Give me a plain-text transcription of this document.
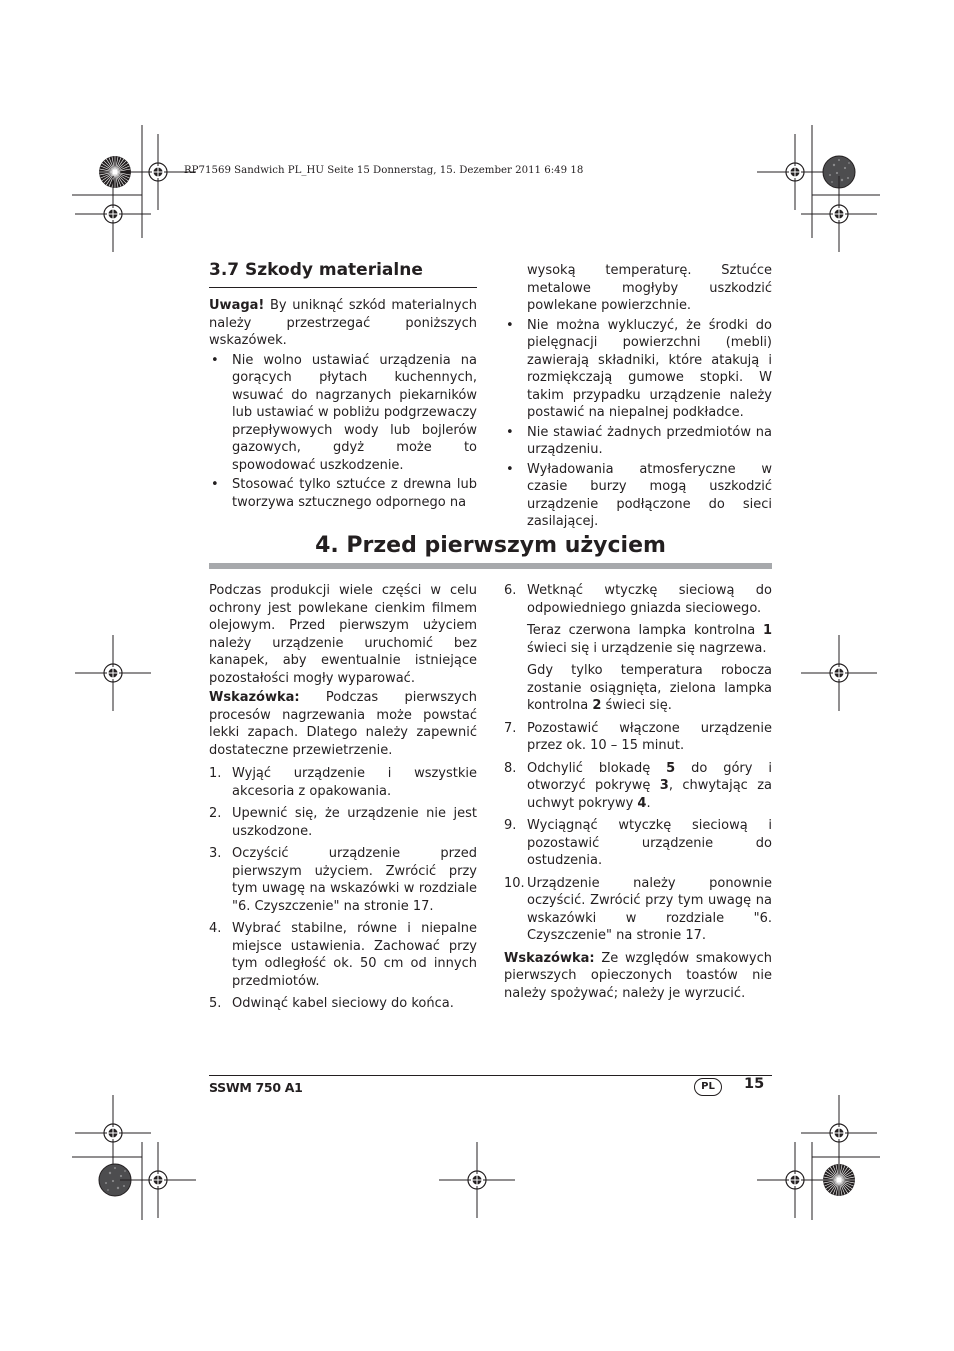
RP71569 Sandwich PL_HU Seite 15 Donnerstag, 15. Dezember 2011 6:49 18
3.7 Szkody materialne

Uwaga! By uniknąć szkód materialnych należy przestrzegać poniższych wskazówek.

• Nie wolno ustawiać urządzenia na gorących płytach kuchennych, wsuwać do nagrzanych piekarników lub ustawiać w pobliżu podgrzewaczy przepływowych wody lub bojlerów gazowych, gdyż może to spowodować uszkodzenie.
• Stosować tylko sztućce z drewna lub tworzywa sztucznego odpornego na
wysoką temperaturę. Sztućce metalowe mogłyby uszkodzić powlekane powierzchnie.
• Nie można wykluczyć, że środki do pielęgnacji powierzchni (mebli) zawierają składniki, które atakują i rozmiękczają gumowe stopki. W takim przypadku urządzenie należy postawić na niepalnej podkładce.
• Nie stawiać żadnych przedmiotów na urządzeniu.
• Wyładowania atmosferyczne w czasie burzy mogą uszkodzić urządzenie podłączone do sieci zasilającej.
4. Przed pierwszym użyciem

Podczas produkcji wiele części w celu ochrony jest powlekane cienkim filmem olejowym. Przed pierwszym użyciem należy urządzenie uruchomić bez kanapek, aby ewentualnie istniejące pozostałości mogły wyparować.

Wskazówka: Podczas pierwszych procesów nagrzewania może powstać lekki zapach. Dlatego należy zapewnić dostateczne przewietrzenie.

1. Wyjąć urządzenie i wszystkie akcesoria z opakowania.
2. Upewnić się, że urządzenie nie jest uszkodzone.
3. Oczyścić urządzenie przed pierwszym użyciem. Zwrócić przy tym uwagę na wskazówki w rozdziale "6. Czyszczenie" na stronie 17.
4. Wybrać stabilne, równe i niepalne miejsce ustawienia. Zachować przy tym odległość ok. 50 cm od innych przedmiotów.
5. Odwinąć kabel sieciowy do końca.
6. Wetknąć wtyczkę sieciową do odpowiedniego gniazda sieciowego.

Teraz czerwona lampka kontrolna 1 świeci się i urządzenie się nagrzewa.

Gdy tylko temperatura robocza zostanie osiągnięta, zielona lampka kontrolna 2 świeci się.

7. Pozostawić włączone urządzenie przez ok. 10 – 15 minut.
8. Odchylić blokadę 5 do góry i otworzyć pokrywę 3, chwytając za uchwyt pokrywy 4.
9. Wyciągnąć wtyczkę sieciową i pozostawić urządzenie do ostudzenia.
10. Urządzenie należy ponownie oczyścić. Zwrócić przy tym uwagę na wskazówki w rozdziale "6. Czyszczenie" na stronie 17.

Wskazówka: Ze względów smakowych pierwszych opieczonych toastów nie należy spożywać; należy je wyrzucić.

SSWM 750 A1	PL	15
